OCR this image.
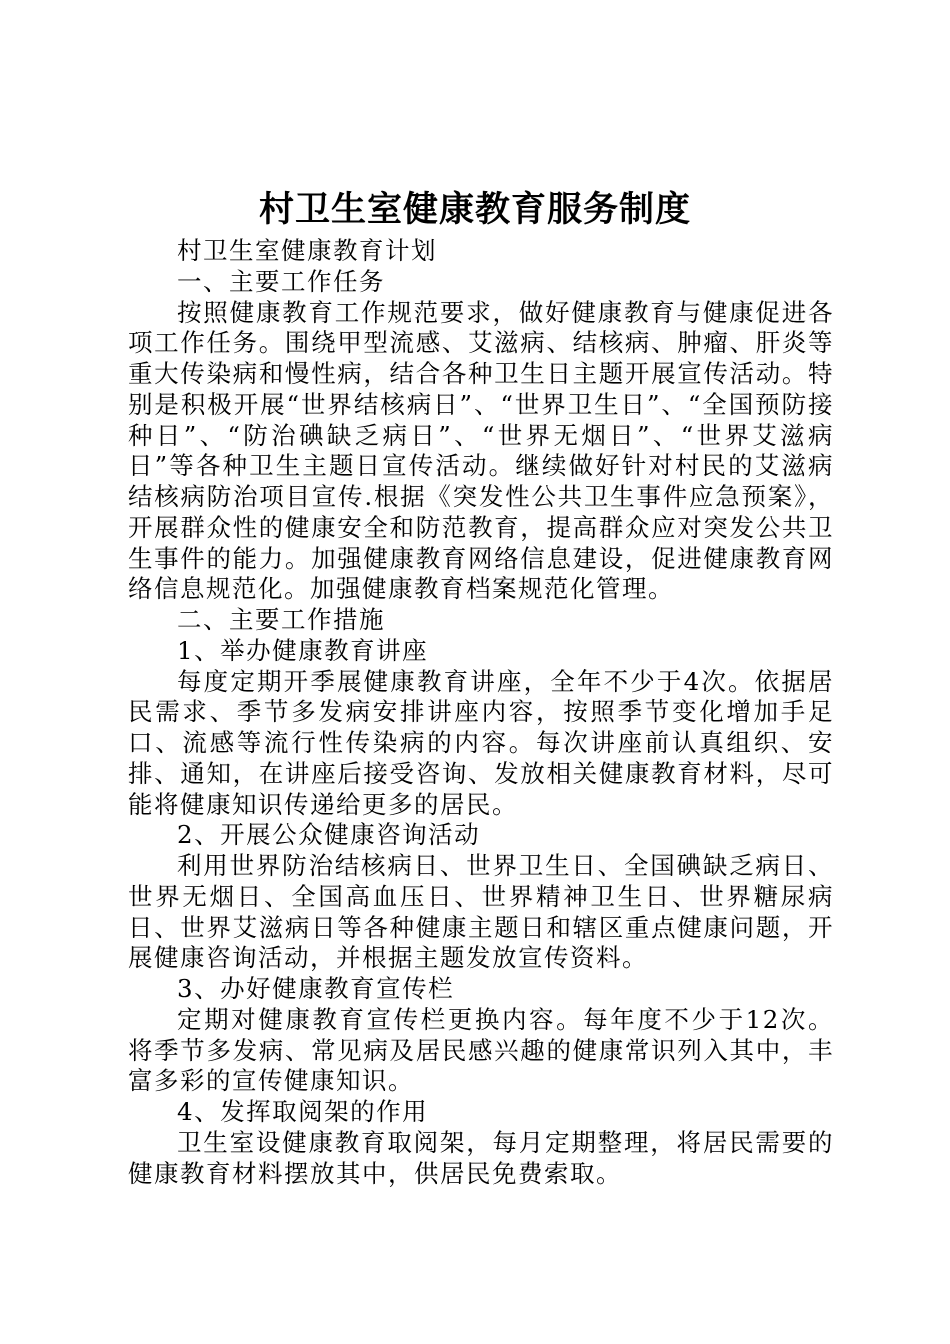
村卫生室健康教育服务制度

村卫生室健康教育计划

一、主要工作任务

按照健康教育工作规范要求，做好健康教育与健康促进各项工作任务。围绕甲型流感、艾滋病、结核病、肿瘤、肝炎等重大传染病和慢性病，结合各种卫生日主题开展宣传活动。特别是积极开展“世界结核病日”、“世界卫生日”、“全国预防接种日”、“防治碘缺乏病日”、“世界无烟日”、“世界艾滋病日”等各种卫生主题日宣传活动。继续做好针对村民的艾滋病结核病防治项目宣传.根据《突发性公共卫生事件应急预案》，开展群众性的健康安全和防范教育，提高群众应对突发公共卫生事件的能力。加强健康教育网络信息建设，促进健康教育网络信息规范化。加强健康教育档案规范化管理。

二、主要工作措施

1、举办健康教育讲座

每度定期开季展健康教育讲座，全年不少于4次。依据居民需求、季节多发病安排讲座内容，按照季节变化增加手足口、流感等流行性传染病的内容。每次讲座前认真组织、安排、通知，在讲座后接受咨询、发放相关健康教育材料，尽可能将健康知识传递给更多的居民。

2、开展公众健康咨询活动

利用世界防治结核病日、世界卫生日、全国碘缺乏病日、世界无烟日、全国高血压日、世界精神卫生日、世界糖尿病日、世界艾滋病日等各种健康主题日和辖区重点健康问题，开展健康咨询活动，并根据主题发放宣传资料。

3、办好健康教育宣传栏

定期对健康教育宣传栏更换内容。每年度不少于12次。将季节多发病、常见病及居民感兴趣的健康常识列入其中，丰富多彩的宣传健康知识。

4、发挥取阅架的作用

卫生室设健康教育取阅架，每月定期整理，将居民需要的健康教育材料摆放其中，供居民免费索取。
